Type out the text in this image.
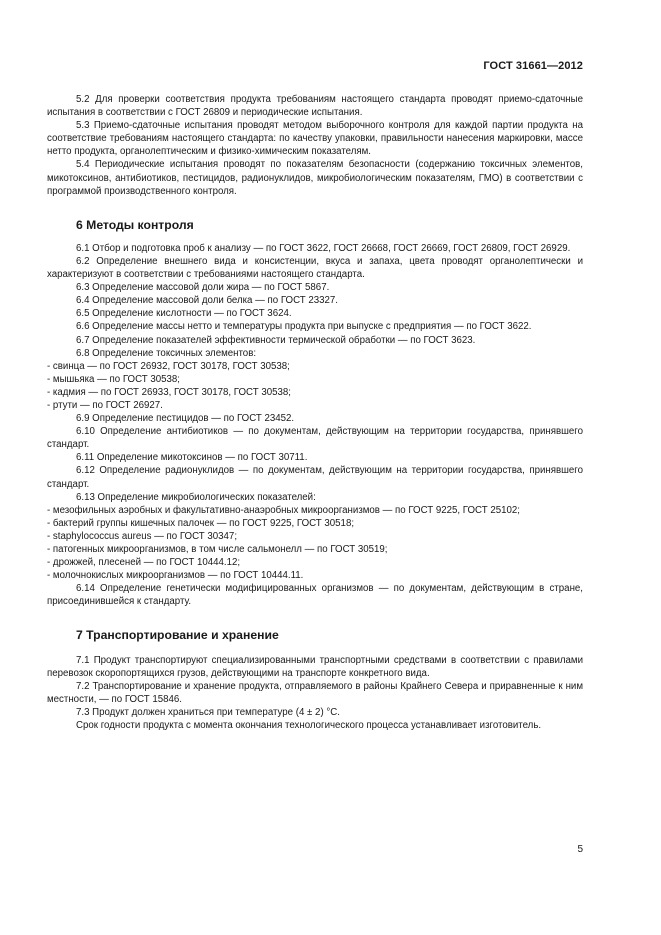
ГОСТ 31661—2012

5.2 Для проверки соответствия продукта требованиям настоящего стандарта проводят приемо-сдаточные испытания в соответствии с ГОСТ 26809 и периодические испытания.

5.3 Приемо-сдаточные испытания проводят методом выборочного контроля для каждой партии продукта на соответствие требованиям настоящего стандарта: по качеству упаковки, правильности нанесения маркировки, массе нетто продукта, органолептическим и физико-химическим показателям.

5.4 Периодические испытания проводят по показателям безопасности (содержанию токсичных элементов, микотоксинов, антибиотиков, пестицидов, радионуклидов, микробиологическим показателям, ГМО) в соответствии с программой производственного контроля.

6 Методы контроля

6.1 Отбор и подготовка проб к анализу — по ГОСТ 3622, ГОСТ 26668, ГОСТ 26669, ГОСТ 26809, ГОСТ 26929.

6.2 Определение внешнего вида и консистенции, вкуса и запаха, цвета проводят органолептически и характеризуют в соответствии с требованиями настоящего стандарта.

6.3 Определение массовой доли жира — по ГОСТ 5867.

6.4 Определение массовой доли белка — по ГОСТ 23327.

6.5 Определение кислотности — по ГОСТ 3624.

6.6 Определение массы нетто и температуры продукта при выпуске с предприятия — по ГОСТ 3622.

6.7 Определение показателей эффективности термической обработки — по ГОСТ 3623.

6.8 Определение токсичных элементов:

- свинца — по ГОСТ 26932, ГОСТ 30178, ГОСТ 30538;

- мышьяка — по ГОСТ 30538;

- кадмия — по ГОСТ 26933, ГОСТ 30178, ГОСТ 30538;

- ртути — по ГОСТ 26927.

6.9 Определение пестицидов — по ГОСТ 23452.

6.10 Определение антибиотиков — по документам, действующим на территории государства, принявшего стандарт.

6.11 Определение микотоксинов — по ГОСТ 30711.

6.12 Определение радионуклидов — по документам, действующим на территории государства, принявшего стандарт.

6.13 Определение микробиологических показателей:

- мезофильных аэробных и факультативно-анаэробных микроорганизмов — по ГОСТ 9225, ГОСТ 25102;

- бактерий группы кишечных палочек — по ГОСТ 9225, ГОСТ 30518;

- staphylococcus aureus — по ГОСТ 30347;

- патогенных микроорганизмов, в том числе сальмонелл — по ГОСТ 30519;

- дрожжей, плесеней — по ГОСТ 10444.12;

- молочнокислых микроорганизмов — по ГОСТ 10444.11.

6.14 Определение генетически модифицированных организмов — по документам, действующим в стране, присоединившейся к стандарту.

7 Транспортирование и хранение

7.1 Продукт транспортируют специализированными транспортными средствами в соответствии с правилами перевозок скоропортящихся грузов, действующими на транспорте конкретного вида.

7.2 Транспортирование и хранение продукта, отправляемого в районы Крайнего Севера и приравненные к ним местности, — по ГОСТ 15846.

7.3 Продукт должен храниться при температуре (4 ± 2) °С.

Срок годности продукта с момента окончания технологического процесса устанавливает изготовитель.

5
